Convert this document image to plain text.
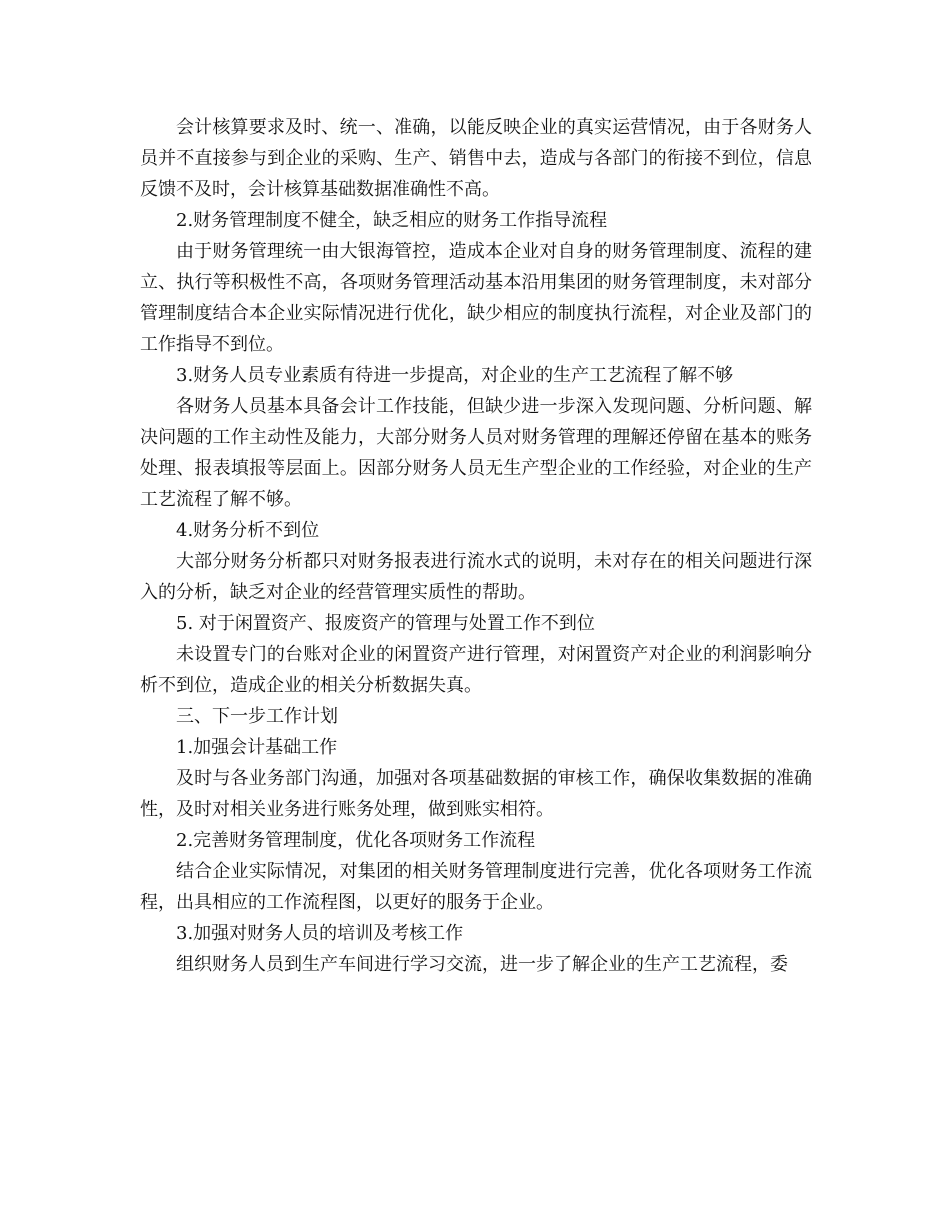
会计核算要求及时、统一、准确，以能反映企业的真实运营情况，由于各财务人员并不直接参与到企业的采购、生产、销售中去，造成与各部门的衔接不到位，信息反馈不及时，会计核算基础数据准确性不高。

2.财务管理制度不健全，缺乏相应的财务工作指导流程

由于财务管理统一由大银海管控，造成本企业对自身的财务管理制度、流程的建立、执行等积极性不高，各项财务管理活动基本沿用集团的财务管理制度，未对部分管理制度结合本企业实际情况进行优化，缺少相应的制度执行流程，对企业及部门的工作指导不到位。

3.财务人员专业素质有待进一步提高，对企业的生产工艺流程了解不够

各财务人员基本具备会计工作技能，但缺少进一步深入发现问题、分析问题、解决问题的工作主动性及能力，大部分财务人员对财务管理的理解还停留在基本的账务处理、报表填报等层面上。因部分财务人员无生产型企业的工作经验，对企业的生产工艺流程了解不够。

4.财务分析不到位

大部分财务分析都只对财务报表进行流水式的说明，未对存在的相关问题进行深入的分析，缺乏对企业的经营管理实质性的帮助。

5. 对于闲置资产、报废资产的管理与处置工作不到位

未设置专门的台账对企业的闲置资产进行管理，对闲置资产对企业的利润影响分析不到位，造成企业的相关分析数据失真。

三、下一步工作计划

1.加强会计基础工作

及时与各业务部门沟通，加强对各项基础数据的审核工作，确保收集数据的准确性，及时对相关业务进行账务处理，做到账实相符。

2.完善财务管理制度，优化各项财务工作流程

结合企业实际情况，对集团的相关财务管理制度进行完善，优化各项财务工作流程，出具相应的工作流程图，以更好的服务于企业。

3.加强对财务人员的培训及考核工作

组织财务人员到生产车间进行学习交流，进一步了解企业的生产工艺流程，委
